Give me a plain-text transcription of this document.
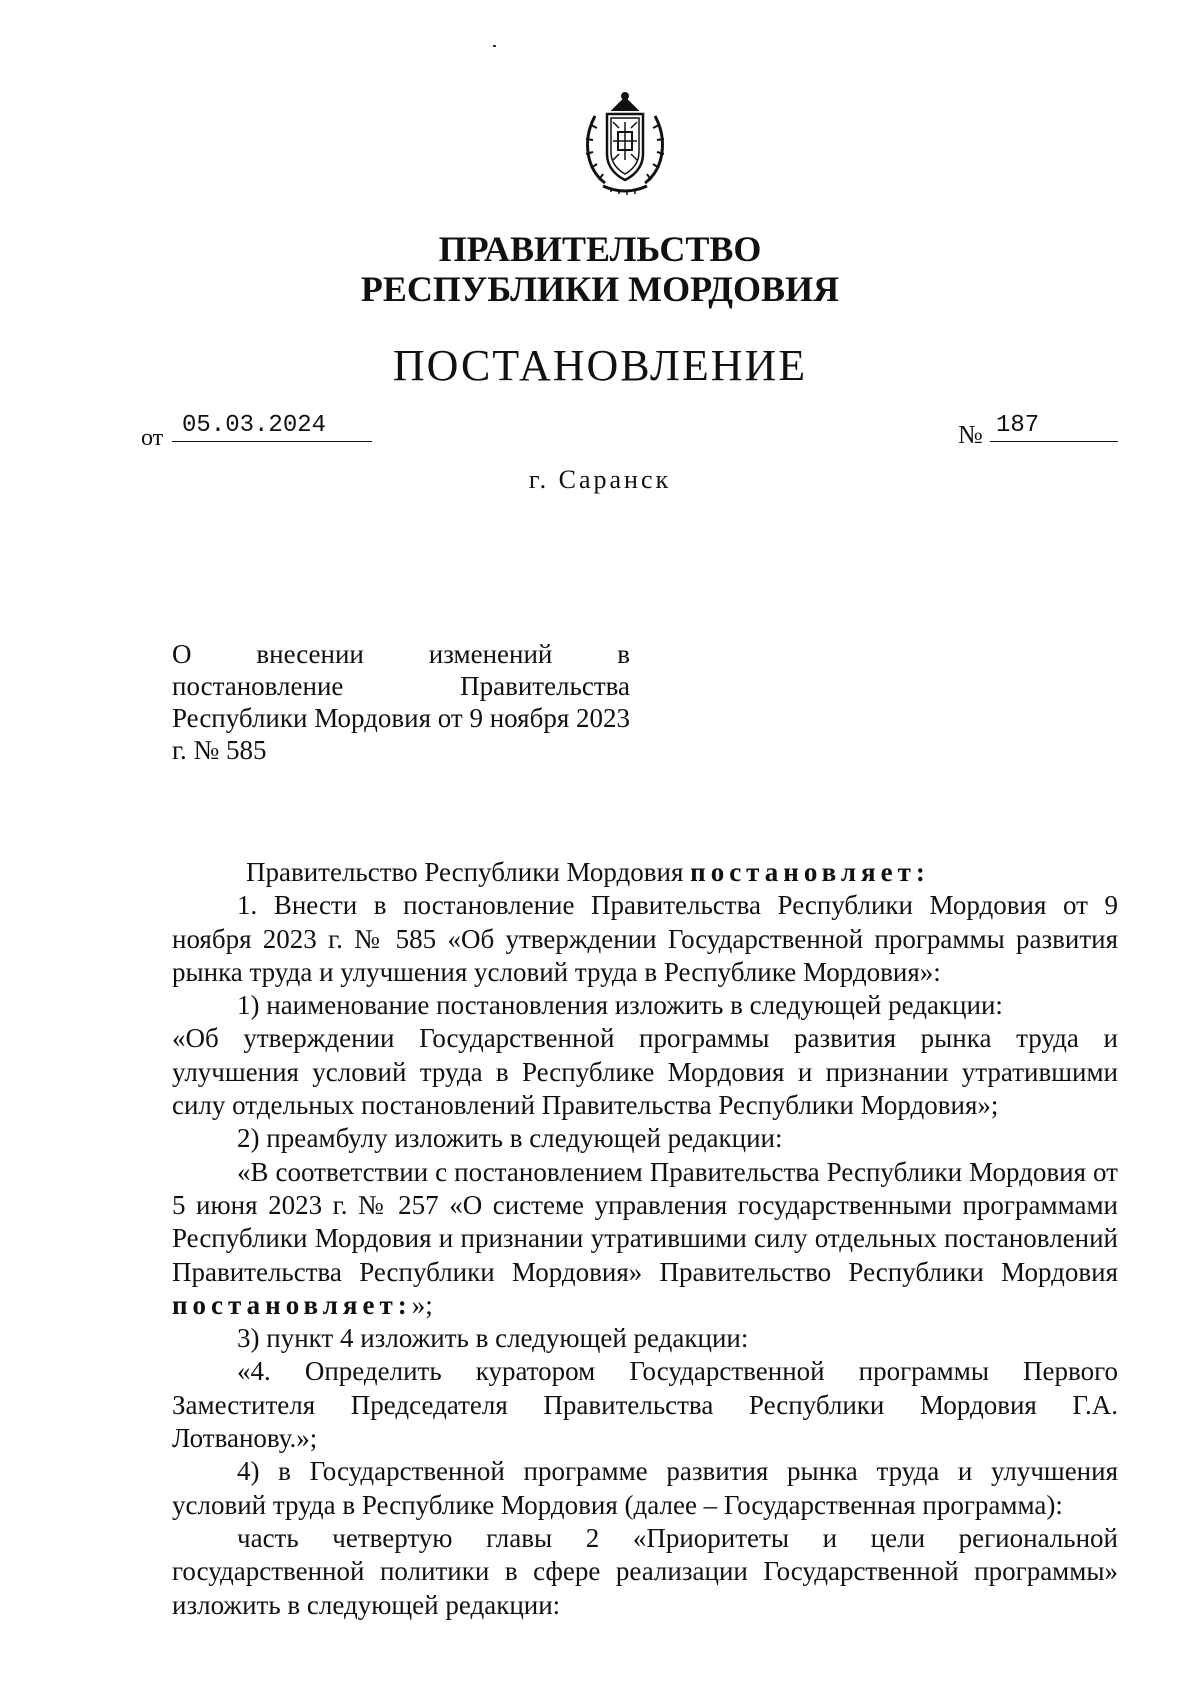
ПРАВИТЕЛЬСТВО
РЕСПУБЛИКИ МОРДОВИЯ
ПОСТАНОВЛЕНИЕ
от 05.03.2024	№ 187
г. Саранск
О внесении изменений в постановление Правительства Республики Мордовия от 9 ноября 2023 г. № 585

Правительство Республики Мордовия постановляет:

1. Внести в постановление Правительства Республики Мордовия от 9 ноября 2023 г. № 585 «Об утверждении Государственной программы развития рынка труда и улучшения условий труда в Республике Мордовия»:

1) наименование постановления изложить в следующей редакции:

«Об утверждении Государственной программы развития рынка труда и улучшения условий труда в Республике Мордовия и признании утратившими силу отдельных постановлений Правительства Республики Мордовия»;

2) преамбулу изложить в следующей редакции:

«В соответствии с постановлением Правительства Республики Мордовия от 5 июня 2023 г. № 257 «О системе управления государственными программами Республики Мордовия и признании утратившими силу отдельных постановлений Правительства Республики Мордовия» Правительство Республики Мордовия постановляет:»;

3) пункт 4 изложить в следующей редакции:

«4. Определить куратором Государственной программы Первого Заместителя Председателя Правительства Республики Мордовия Г.А. Лотванову.»;

4) в Государственной программе развития рынка труда и улучшения условий труда в Республике Мордовия (далее – Государственная программа):

часть четвертую главы 2 «Приоритеты и цели региональной государственной политики в сфере реализации Государственной программы» изложить в следующей редакции:
